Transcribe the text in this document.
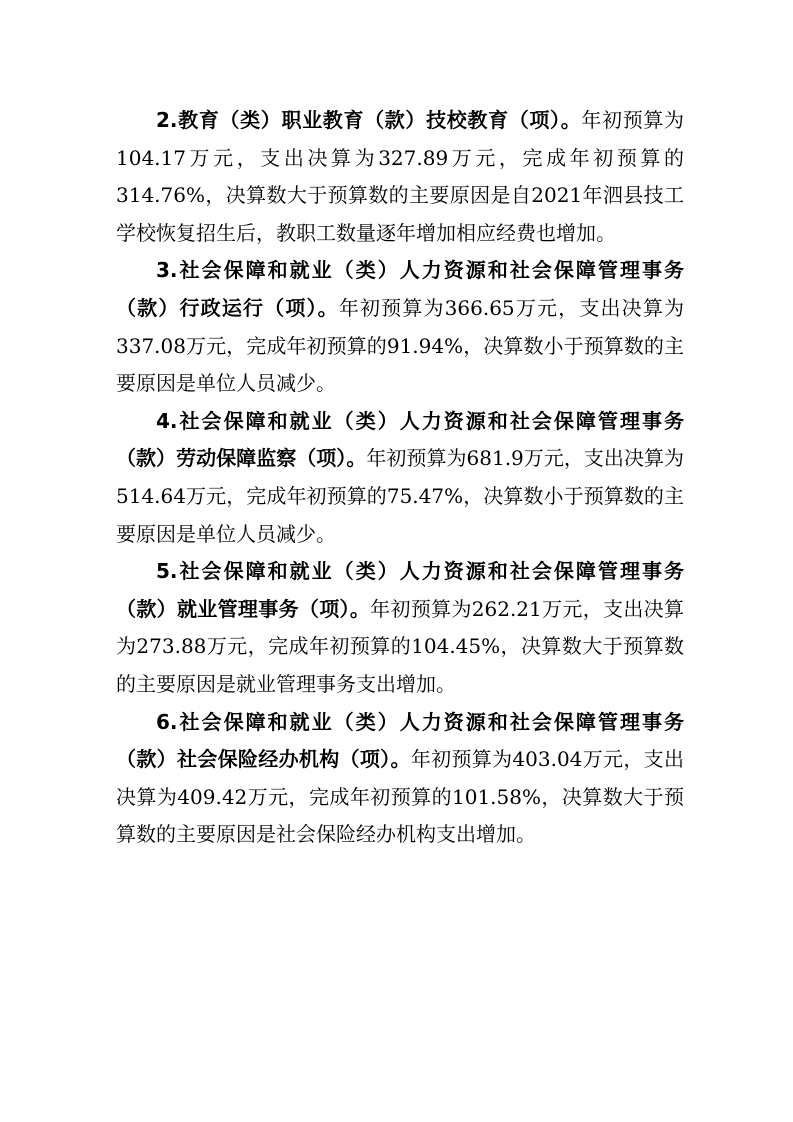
2.教育（类）职业教育（款）技校教育（项）。年初预算为104.17万元，支出决算为327.89万元，完成年初预算的314.76%，决算数大于预算数的主要原因是自2021年泗县技工学校恢复招生后，教职工数量逐年增加相应经费也增加。

3.社会保障和就业（类）人力资源和社会保障管理事务（款）行政运行（项）。年初预算为366.65万元，支出决算为337.08万元，完成年初预算的91.94%，决算数小于预算数的主要原因是单位人员减少。

4.社会保障和就业（类）人力资源和社会保障管理事务（款）劳动保障监察（项）。年初预算为681.9万元，支出决算为514.64万元，完成年初预算的75.47%，决算数小于预算数的主要原因是单位人员减少。

5.社会保障和就业（类）人力资源和社会保障管理事务（款）就业管理事务（项）。年初预算为262.21万元，支出决算为273.88万元，完成年初预算的104.45%，决算数大于预算数的主要原因是就业管理事务支出增加。

6.社会保障和就业（类）人力资源和社会保障管理事务（款）社会保险经办机构（项）。年初预算为403.04万元，支出决算为409.42万元，完成年初预算的101.58%，决算数大于预算数的主要原因是社会保险经办机构支出增加。
